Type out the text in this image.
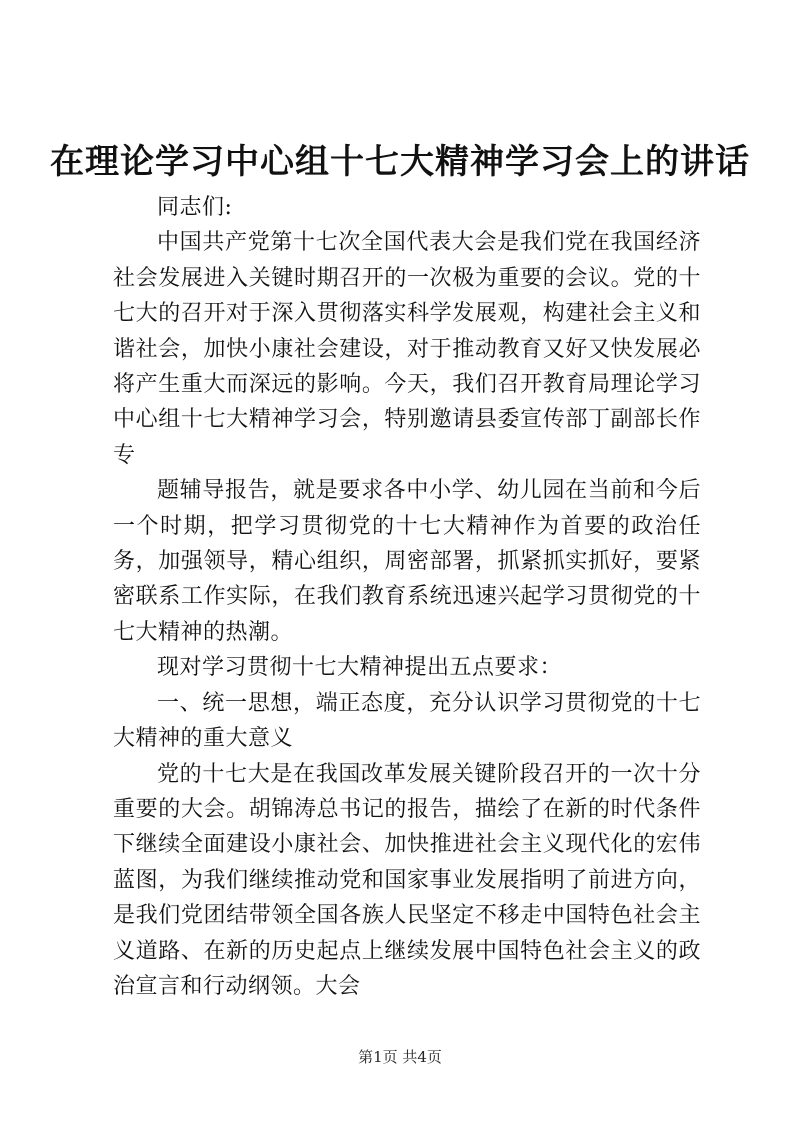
在理论学习中心组十七大精神学习会上的讲话

同志们:

中国共产党第十七次全国代表大会是我们党在我国经济社会发展进入关键时期召开的一次极为重要的会议。党的十七大的召开对于深入贯彻落实科学发展观，构建社会主义和谐社会，加快小康社会建设，对于推动教育又好又快发展必将产生重大而深远的影响。今天，我们召开教育局理论学习中心组十七大精神学习会，特别邀请县委宣传部丁副部长作专

题辅导报告，就是要求各中小学、幼儿园在当前和今后一个时期，把学习贯彻党的十七大精神作为首要的政治任务，加强领导，精心组织，周密部署，抓紧抓实抓好，要紧密联系工作实际，在我们教育系统迅速兴起学习贯彻党的十七大精神的热潮。

现对学习贯彻十七大精神提出五点要求：

一、统一思想，端正态度，充分认识学习贯彻党的十七大精神的重大意义

党的十七大是在我国改革发展关键阶段召开的一次十分重要的大会。胡锦涛总书记的报告，描绘了在新的时代条件下继续全面建设小康社会、加快推进社会主义现代化的宏伟蓝图，为我们继续推动党和国家事业发展指明了前进方向，是我们党团结带领全国各族人民坚定不移走中国特色社会主义道路、在新的历史起点上继续发展中国特色社会主义的政治宣言和行动纲领。大会

第1页 共4页
